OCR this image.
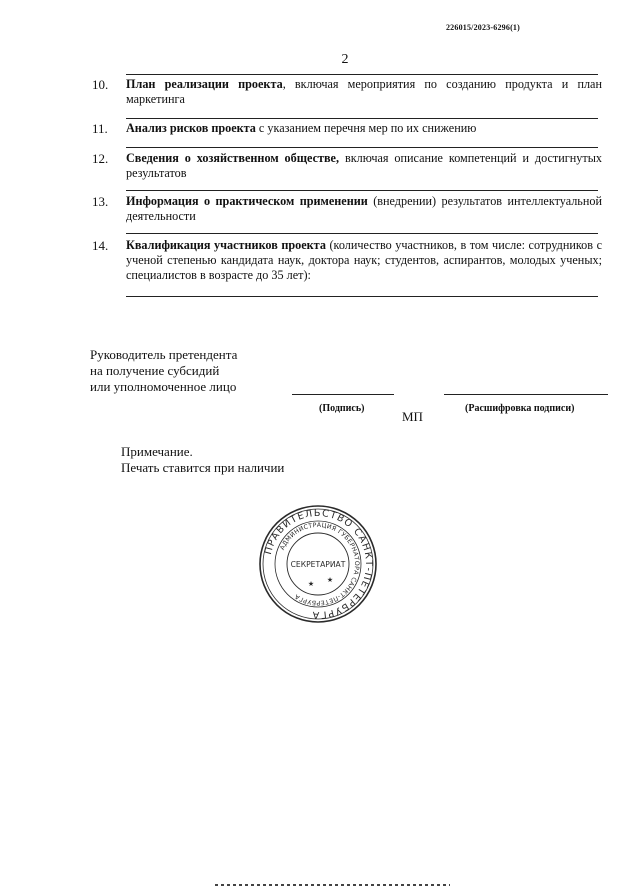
226015/2023-6296(1)
2
10.	План реализации проекта, включая мероприятия по созданию продукта и план маркетинга
11.	Анализ рисков проекта с указанием перечня мер по их снижению
12.	Сведения о хозяйственном обществе, включая описание компетенций и достигнутых результатов
13.	Информация о практическом применении (внедрении) результатов интеллектуальной деятельности
14.	Квалификация участников проекта (количество участников, в том числе: сотрудников с ученой степенью кандидата наук, доктора наук; студентов, аспирантов, молодых ученых; специалистов в возрасте до 35 лет):
Руководитель претендента
на получение субсидий
или уполномоченное лицо
(Подпись)	(Расшифровка подписи)
МП
Примечание.
Печать ставится при наличии
ПРАВИТЕЛЬСТВО САНКТ-ПЕТЕРБУРГА
АДМИНИСТРАЦИЯ ГУБЕРНАТОРА САНКТ-ПЕТЕРБУРГА
СЕКРЕТАРИАТ
★ ★
